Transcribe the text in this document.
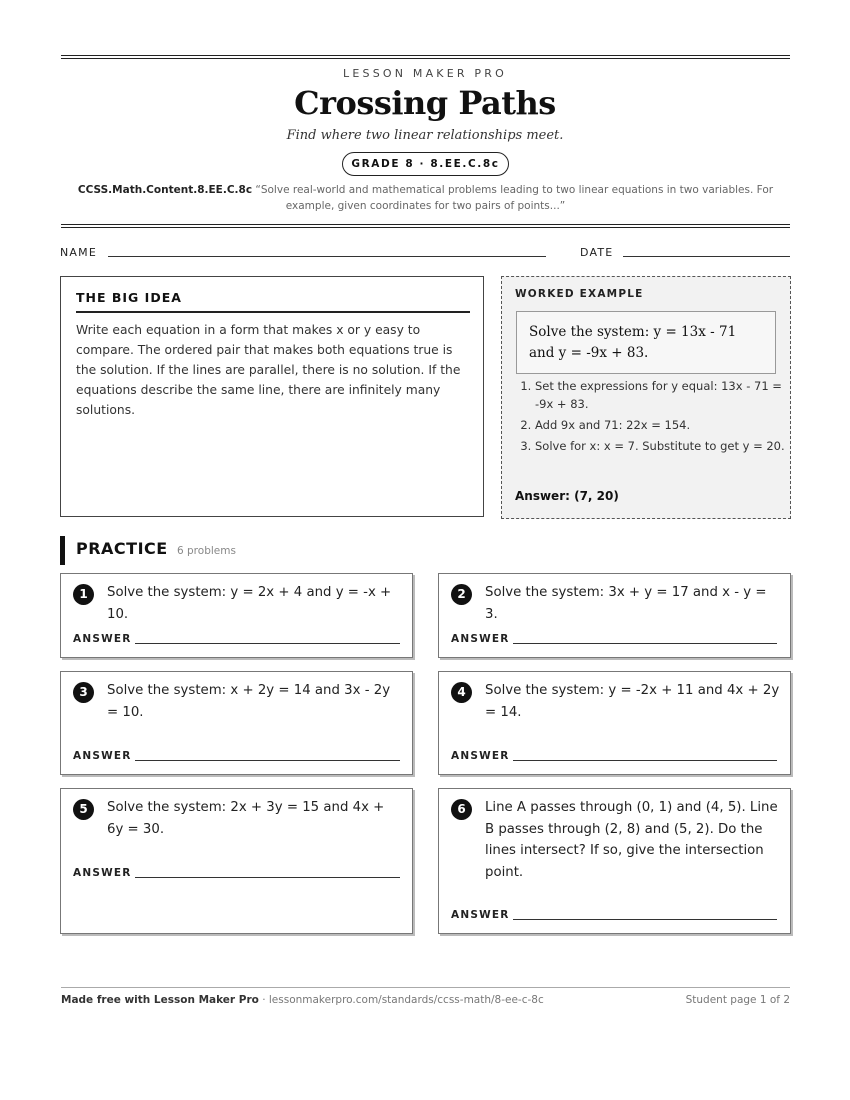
LESSON MAKER PRO
Crossing Paths
Find where two linear relationships meet.
GRADE 8 · 8.EE.C.8c
CCSS.Math.Content.8.EE.C.8c “Solve real-world and mathematical problems leading to two linear equations in two variables. For example, given coordinates for two pairs of points...”
NAME	DATE
THE BIG IDEA
Write each equation in a form that makes x or y easy to compare. The ordered pair that makes both equations true is the solution. If the lines are parallel, there is no solution. If the equations describe the same line, there are infinitely many solutions.
WORKED EXAMPLE
Solve the system: y = 13x - 71 and y = -9x + 83.
1. Set the expressions for y equal: 13x - 71 = -9x + 83.
2. Add 9x and 71: 22x = 154.
3. Solve for x: x = 7. Substitute to get y = 20.
Answer: (7, 20)
PRACTICE 6 problems
1	Solve the system: y = 2x + 4 and y = -x + 10.
ANSWER
2	Solve the system: 3x + y = 17 and x - y = 3.
ANSWER
3	Solve the system: x + 2y = 14 and 3x - 2y = 10.
ANSWER
4	Solve the system: y = -2x + 11 and 4x + 2y = 14.
ANSWER
5	Solve the system: 2x + 3y = 15 and 4x + 6y = 30.
ANSWER
6	Line A passes through (0, 1) and (4, 5). Line B passes through (2, 8) and (5, 2). Do the lines intersect? If so, give the intersection point.
ANSWER
Made free with Lesson Maker Pro · lessonmakerpro.com/standards/ccss-math/8-ee-c-8c	Student page 1 of 2
